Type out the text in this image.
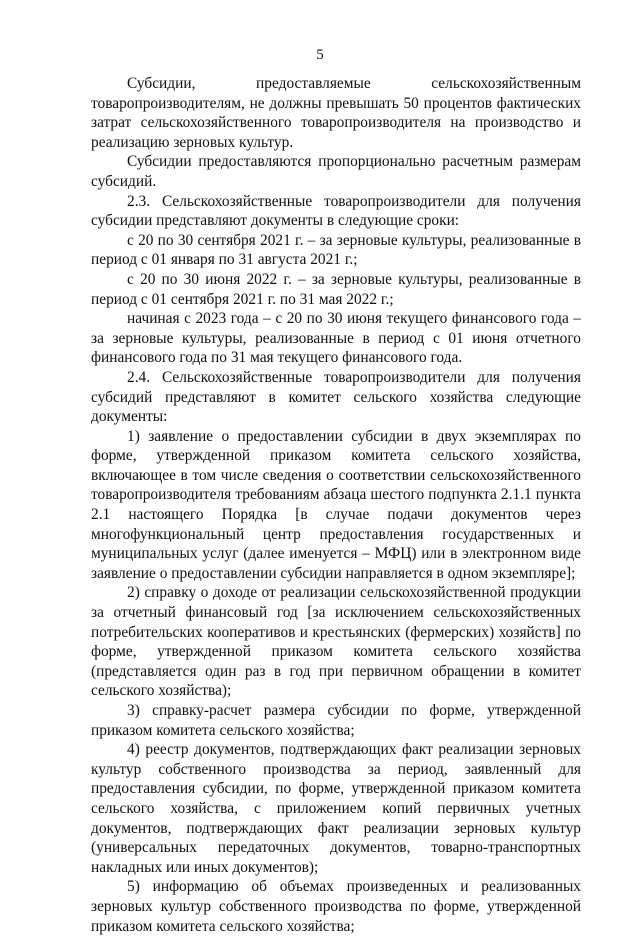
5

Субсидии, предоставляемые сельскохозяйственным товаропроизводителям, не должны превышать 50 процентов фактических затрат сельскохозяйственного товаропроизводителя на производство и реализацию зерновых культур.

Субсидии предоставляются пропорционально расчетным размерам субсидий.

2.3. Сельскохозяйственные товаропроизводители для получения субсидии представляют документы в следующие сроки:

с 20 по 30 сентября 2021 г. – за зерновые культуры, реализованные в период с 01 января по 31 августа 2021 г.;

с 20 по 30 июня 2022 г. – за зерновые культуры, реализованные в период с 01 сентября 2021 г. по 31 мая 2022 г.;

начиная с 2023 года – с 20 по 30 июня текущего финансового года – за зерновые культуры, реализованные в период с 01 июня отчетного финансового года по 31 мая текущего финансового года.

2.4. Сельскохозяйственные товаропроизводители для получения субсидий представляют в комитет сельского хозяйства следующие документы:

1) заявление о предоставлении субсидии в двух экземплярах по форме, утвержденной приказом комитета сельского хозяйства, включающее в том числе сведения о соответствии сельскохозяйственного товаропроизводителя требованиям абзаца шестого подпункта 2.1.1 пункта 2.1 настоящего Порядка [в случае подачи документов через многофункциональный центр предоставления государственных и муниципальных услуг (далее именуется – МФЦ) или в электронном виде заявление о предоставлении субсидии направляется в одном экземпляре];

2) справку о доходе от реализации сельскохозяйственной продукции за отчетный финансовый год [за исключением сельскохозяйственных потребительских кооперативов и крестьянских (фермерских) хозяйств] по форме, утвержденной приказом комитета сельского хозяйства (представляется один раз в год при первичном обращении в комитет сельского хозяйства);

3) справку-расчет размера субсидии по форме, утвержденной приказом комитета сельского хозяйства;

4) реестр документов, подтверждающих факт реализации зерновых культур собственного производства за период, заявленный для предоставления субсидии, по форме, утвержденной приказом комитета сельского хозяйства, с приложением копий первичных учетных документов, подтверждающих факт реализации зерновых культур (универсальных передаточных документов, товарно-транспортных накладных или иных документов);

5) информацию об объемах произведенных и реализованных зерновых культур собственного производства по форме, утвержденной приказом комитета сельского хозяйства;
